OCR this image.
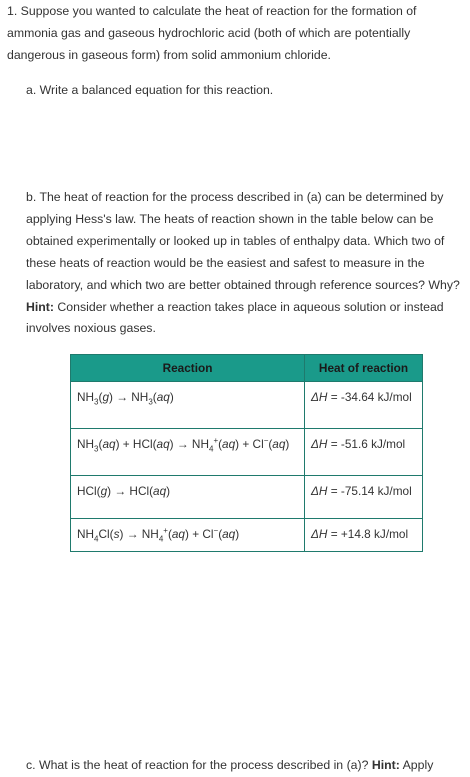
1. Suppose you wanted to calculate the heat of reaction for the formation of ammonia gas and gaseous hydrochloric acid (both of which are potentially dangerous in gaseous form) from solid ammonium chloride.

a. Write a balanced equation for this reaction.

b. The heat of reaction for the process described in (a) can be determined by applying Hess's law. The heats of reaction shown in the table below can be obtained experimentally or looked up in tables of enthalpy data. Which two of these heats of reaction would be the easiest and safest to measure in the laboratory, and which two are better obtained through reference sources? Why? Hint: Consider whether a reaction takes place in aqueous solution or instead involves noxious gases.

Reaction	Heat of reaction
$NH_3(g) \to NH_3(aq)$	ΔH = -34.64 kJ/mol
$NH_3(aq) + HCl(aq) \to NH_4^+(aq) + Cl^-(aq)$	ΔH = -51.6 kJ/mol
HCl(g) → HCl(aq)	ΔH = -75.14 kJ/mol
$NH_4Cl(s) \to NH_4^+(aq) + Cl^-(aq)$	ΔH = +14.8 kJ/mol

c. What is the heat of reaction for the process described in (a)? Hint: Apply
